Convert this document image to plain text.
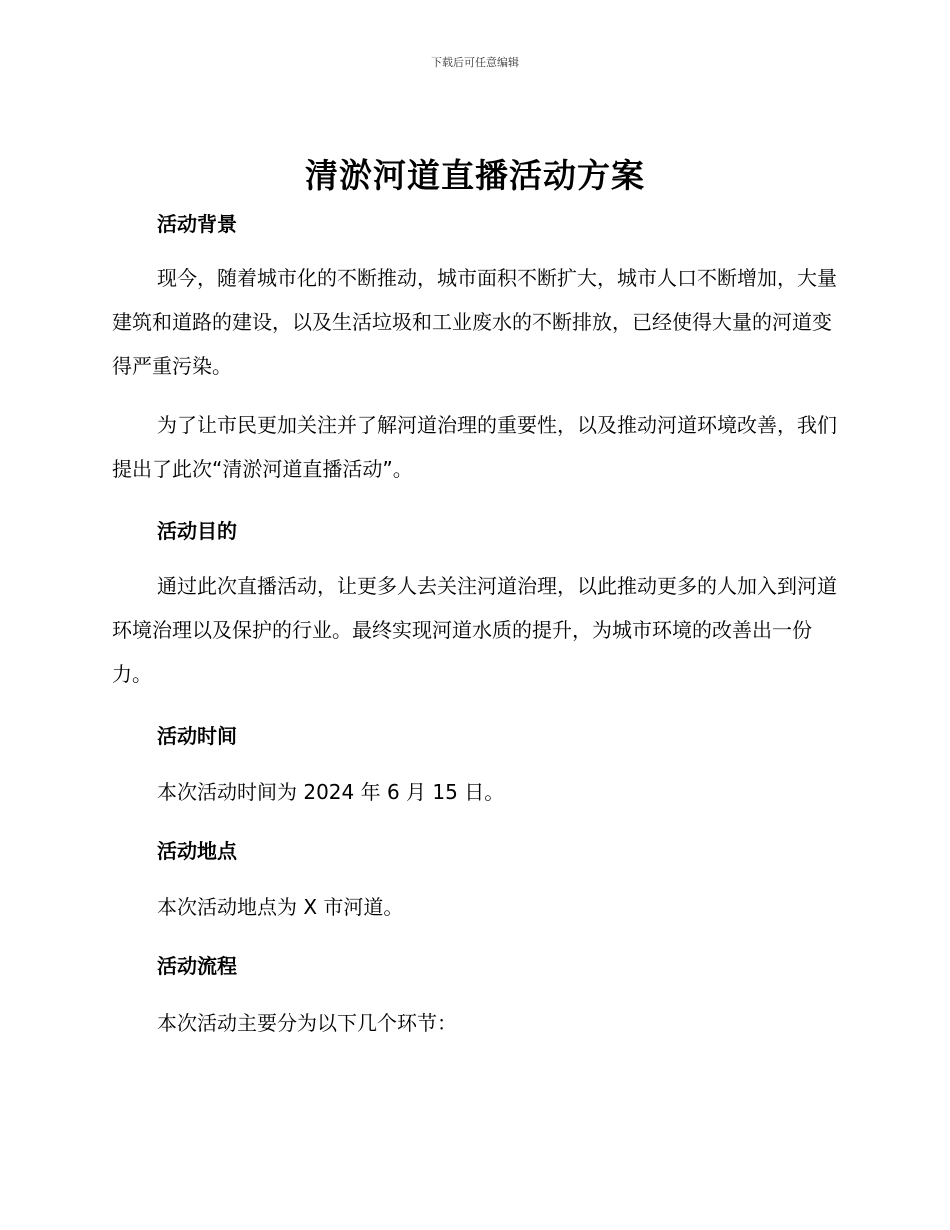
下载后可任意编辑
清淤河道直播活动方案
活动背景

现今，随着城市化的不断推动，城市面积不断扩大，城市人口不断增加，大量建筑和道路的建设，以及生活垃圾和工业废水的不断排放，已经使得大量的河道变得严重污染。

为了让市民更加关注并了解河道治理的重要性，以及推动河道环境改善，我们提出了此次“清淤河道直播活动”。

活动目的

通过此次直播活动，让更多人去关注河道治理，以此推动更多的人加入到河道环境治理以及保护的行业。最终实现河道水质的提升，为城市环境的改善出一份力。

活动时间
本次活动时间为 2024 年 6 月 15 日。
活动地点
本次活动地点为 X 市河道。
活动流程
本次活动主要分为以下几个环节：
